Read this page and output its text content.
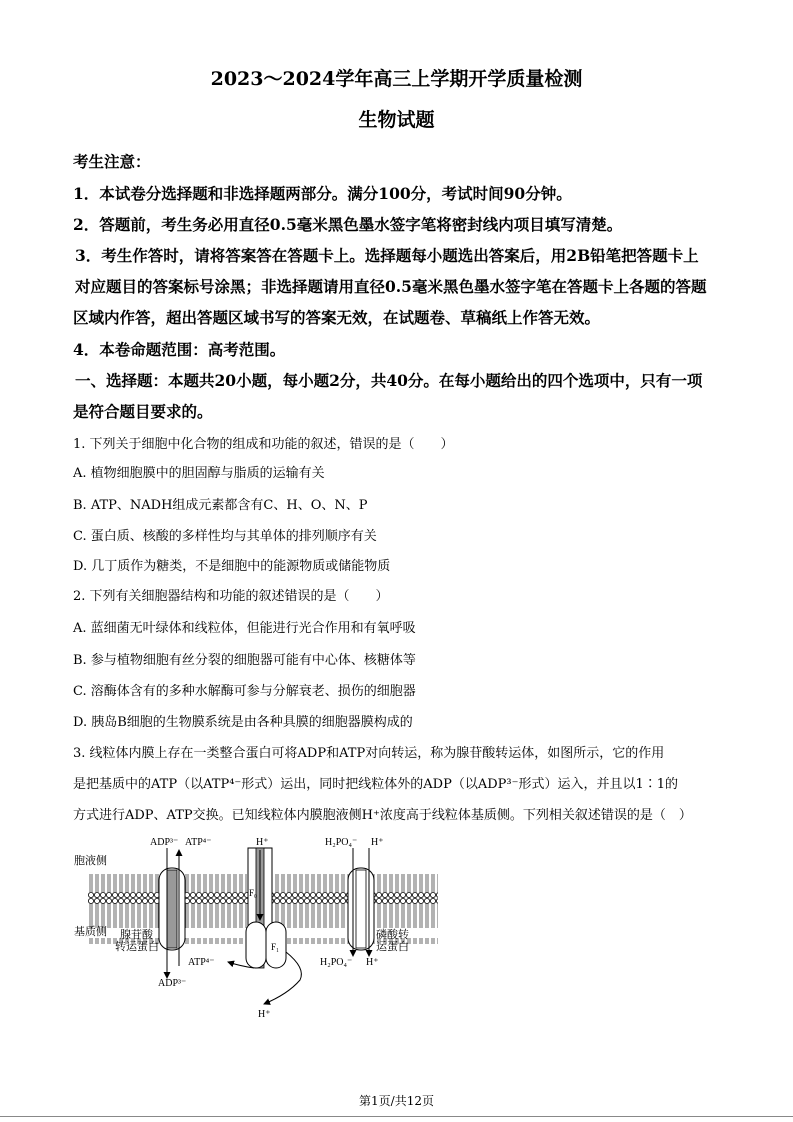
2023～2024学年高三上学期开学质量检测
生物试题
考生注意：
1．本试卷分选择题和非选择题两部分。满分100分，考试时间90分钟。
2．答题前，考生务必用直径0.5毫米黑色墨水签字笔将密封线内项目填写清楚。
3．考生作答时，请将答案答在答题卡上。选择题每小题选出答案后，用2B铅笔把答题卡上
对应题目的答案标号涂黑；非选择题请用直径0.5毫米黑色墨水签字笔在答题卡上各题的答题
区域内作答，超出答题区域书写的答案无效，在试题卷、草稿纸上作答无效。
4．本卷命题范围：高考范围。
一、选择题：本题共20小题，每小题2分，共40分。在每小题给出的四个选项中，只有一项
是符合题目要求的。
1. 下列关于细胞中化合物的组成和功能的叙述，错误的是（　　）
A. 植物细胞膜中的胆固醇与脂质的运输有关
B. ATP、NADH组成元素都含有C、H、O、N、P
C. 蛋白质、核酸的多样性均与其单体的排列顺序有关
D. 几丁质作为糖类，不是细胞中的能源物质或储能物质
2. 下列有关细胞器结构和功能的叙述错误的是（　　）
A. 蓝细菌无叶绿体和线粒体，但能进行光合作用和有氧呼吸
B. 参与植物细胞有丝分裂的细胞器可能有中心体、核糖体等
C. 溶酶体含有的多种水解酶可参与分解衰老、损伤的细胞器
D. 胰岛B细胞的生物膜系统是由各种具膜的细胞器膜构成的
3. 线粒体内膜上存在一类整合蛋白可将ADP和ATP对向转运，称为腺苷酸转运体，如图所示，它的作用
是把基质中的ATP（以ATP⁴⁻形式）运出，同时把线粒体外的ADP（以ADP³⁻形式）运入，并且以1∶1的
方式进行ADP、ATP交换。已知线粒体内膜胞液侧H⁺浓度高于线粒体基质侧。下列相关叙述错误的是（　）
F₀
F₁
胞液侧
基质侧
ADP³⁻ ATP⁴⁻	H⁺	H₂PO₄⁻ H⁺
腺苷酸
转运蛋白
磷酸转
运蛋白
ATP⁴⁻	H₂PO₄⁻ H⁺
ADP³⁻
H⁺
第1页/共12页
